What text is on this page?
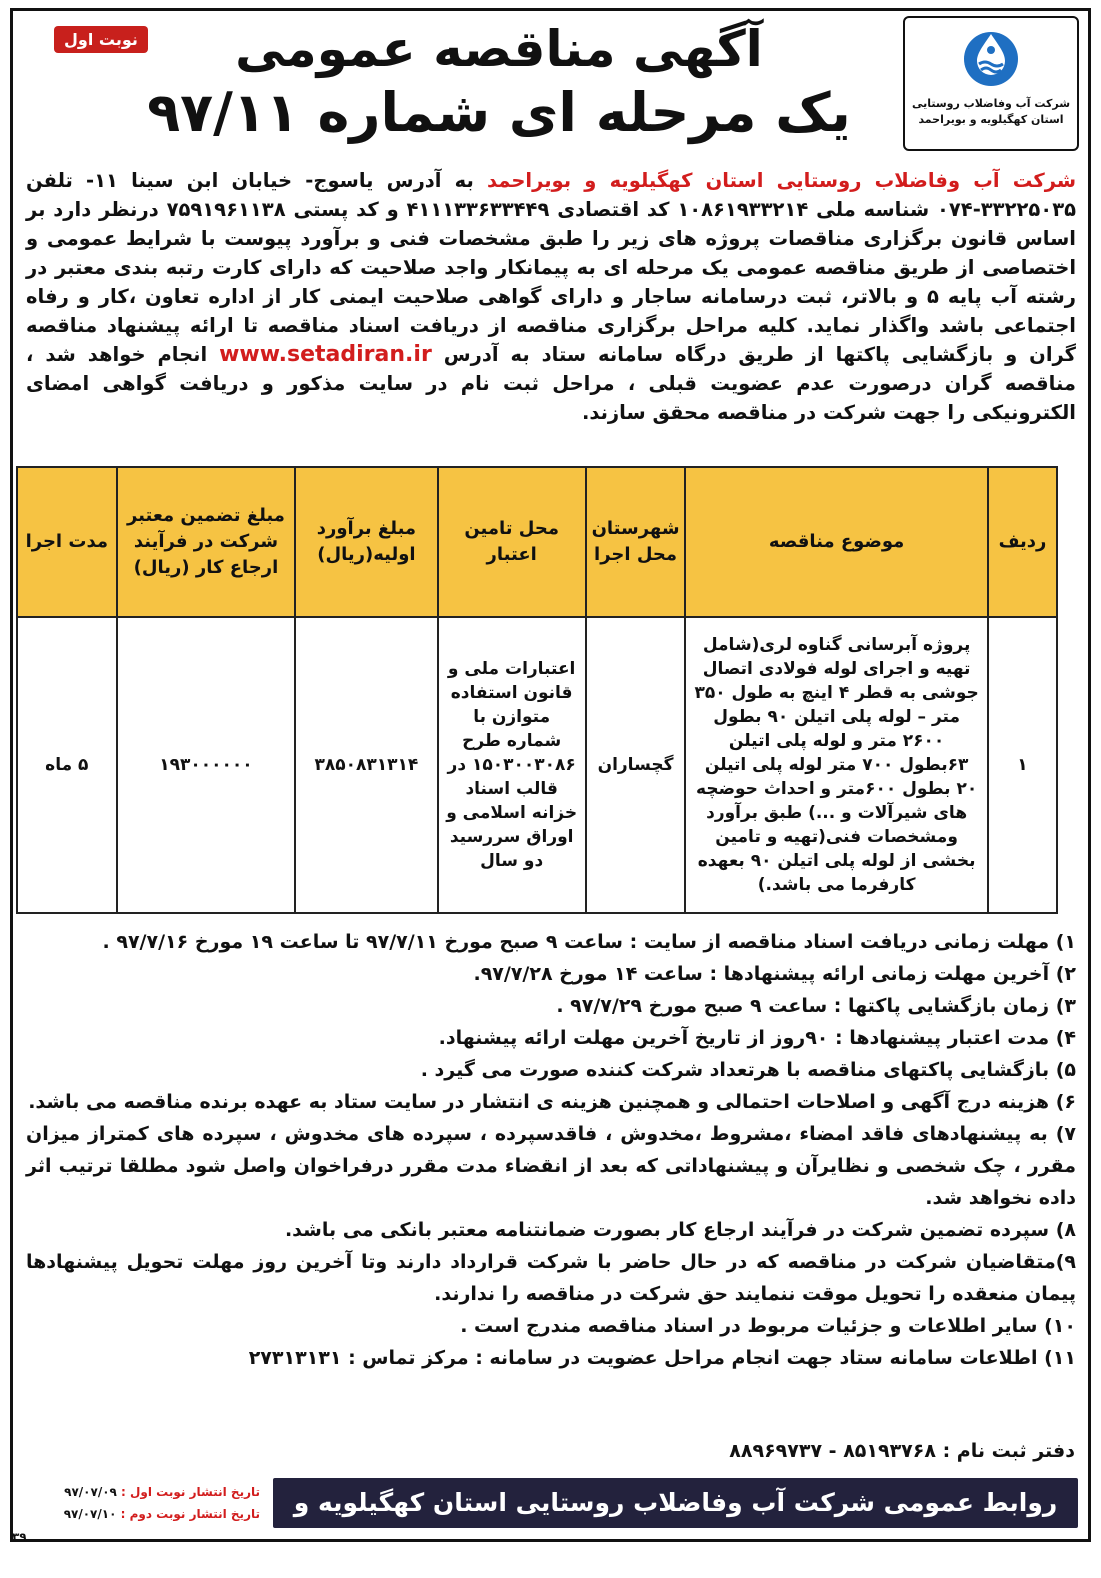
نوبت اول	آگهی مناقصه عمومی
یک مرحله ای شماره ۹۷/۱۱	شرکت آب وفاضلاب روستایی
استان کهگیلویه و بویراحمد
شرکت آب وفاضلاب روستایی استان کهگیلویه و بویراحمد به آدرس یاسوج- خیابان ابن سینا ۱۱- تلفن ۳۳۲۲۵۰۳۵-۰۷۴ شناسه ملی ۱۰۸۶۱۹۳۳۲۱۴ کد اقتصادی ۴۱۱۱۳۳۶۳۳۴۴۹ و کد پستی ۷۵۹۱۹۶۱۱۳۸ درنظر دارد بر اساس قانون برگزاری مناقصات پروژه های زیر را طبق مشخصات فنی و برآورد پیوست با شرایط عمومی و اختصاصی از طریق مناقصه عمومی یک مرحله ای به پیمانکار واجد صلاحیت که دارای کارت رتبه بندی معتبر در رشته آب پایه ۵ و بالاتر، ثبت درسامانه ساجار و دارای گواهی صلاحیت ایمنی کار از اداره تعاون ،کار و رفاه اجتماعی باشد واگذار نماید. کلیه مراحل برگزاری مناقصه از دریافت اسناد مناقصه تا ارائه پیشنهاد مناقصه گران و بازگشایی پاکتها از طریق درگاه سامانه ستاد به آدرس www.setadiran.ir انجام خواهد شد ، مناقصه گران درصورت عدم عضویت قبلی ، مراحل ثبت نام در سایت مذکور و دریافت گواهی امضای الکترونیکی را جهت شرکت در مناقصه محقق سازند.
ردیف	موضوع مناقصه	شهرستان محل اجرا	محل تامین اعتبار	مبلغ برآورد اولیه(ریال)	مبلغ تضمین معتبر شرکت در فرآیند ارجاع کار (ریال)	مدت اجرا
۱	پروژه آبرسانی گناوه لری(شامل تهیه و اجرای لوله فولادی اتصال جوشی به قطر ۴ اینچ به طول ۳۵۰ متر – لوله پلی اتیلن ۹۰ بطول ۲۶۰۰ متر و لوله پلی اتیلن ۶۳بطول ۷۰۰ متر لوله پلی اتیلن ۲۰ بطول ۶۰۰متر و احداث حوضچه های شیرآلات و ...) طبق برآورد ومشخصات فنی(تهیه و تامین بخشی از لوله پلی اتیلن ۹۰ بعهده کارفرما می باشد.)	گچساران	اعتبارات ملی و قانون استفاده متوازن با شماره طرح ۱۵۰۳۰۰۳۰۸۶ در قالب اسناد خزانه اسلامی و اوراق سررسید دو سال	۳۸۵۰۸۳۱۳۱۴	۱۹۳۰۰۰۰۰۰	۵ ماه
۱) مهلت زمانی دریافت اسناد مناقصه از سایت : ساعت ۹ صبح مورخ ۹۷/۷/۱۱ تا ساعت ۱۹ مورخ ۹۷/۷/۱۶ .
۲) آخرین مهلت زمانی ارائه پیشنهادها : ساعت ۱۴ مورخ ۹۷/۷/۲۸.
۳) زمان بازگشایی پاکتها : ساعت ۹ صبح مورخ ۹۷/۷/۲۹ .
۴) مدت اعتبار پیشنهادها : ۹۰روز از تاریخ آخرین مهلت ارائه پیشنهاد.
۵) بازگشایی پاکتهای مناقصه با هرتعداد شرکت کننده صورت می گیرد .
۶) هزینه درج آگهی و اصلاحات احتمالی و همچنین هزینه ی انتشار در سایت ستاد به عهده برنده مناقصه می باشد.
۷) به پیشنهادهای فاقد امضاء ،مشروط ،مخدوش ، فاقدسپرده ، سپرده های مخدوش ، سپرده های کمتراز میزان مقرر ، چک شخصی و نظایرآن و پیشنهاداتی که بعد از انقضاء مدت مقرر درفراخوان واصل شود مطلقا ترتیب اثر داده نخواهد شد.
۸) سپرده تضمین شرکت در فرآیند ارجاع کار بصورت ضمانتنامه معتبر بانکی می باشد.
۹)متقاضیان شرکت در مناقصه که در حال حاضر با شرکت قرارداد دارند وتا آخرین روز مهلت تحویل پیشنهادها پیمان منعقده را تحویل موقت ننمایند حق شرکت در مناقصه را ندارند.
۱۰) سایر اطلاعات و جزئیات مربوط در اسناد مناقصه مندرج است .
۱۱) اطلاعات سامانه ستاد جهت انجام مراحل عضویت در سامانه : مرکز تماس : ۲۷۳۱۳۱۳۱
دفتر ثبت نام : ۸۵۱۹۳۷۶۸ - ۸۸۹۶۹۷۳۷
تاریخ انتشار نوبت اول : ۹۷/۰۷/۰۹
تاریخ انتشار نوبت دوم : ۹۷/۰۷/۱۰	روابط عمومی شرکت آب وفاضلاب روستایی استان کهگیلویه و بویراحمد
۳۹
